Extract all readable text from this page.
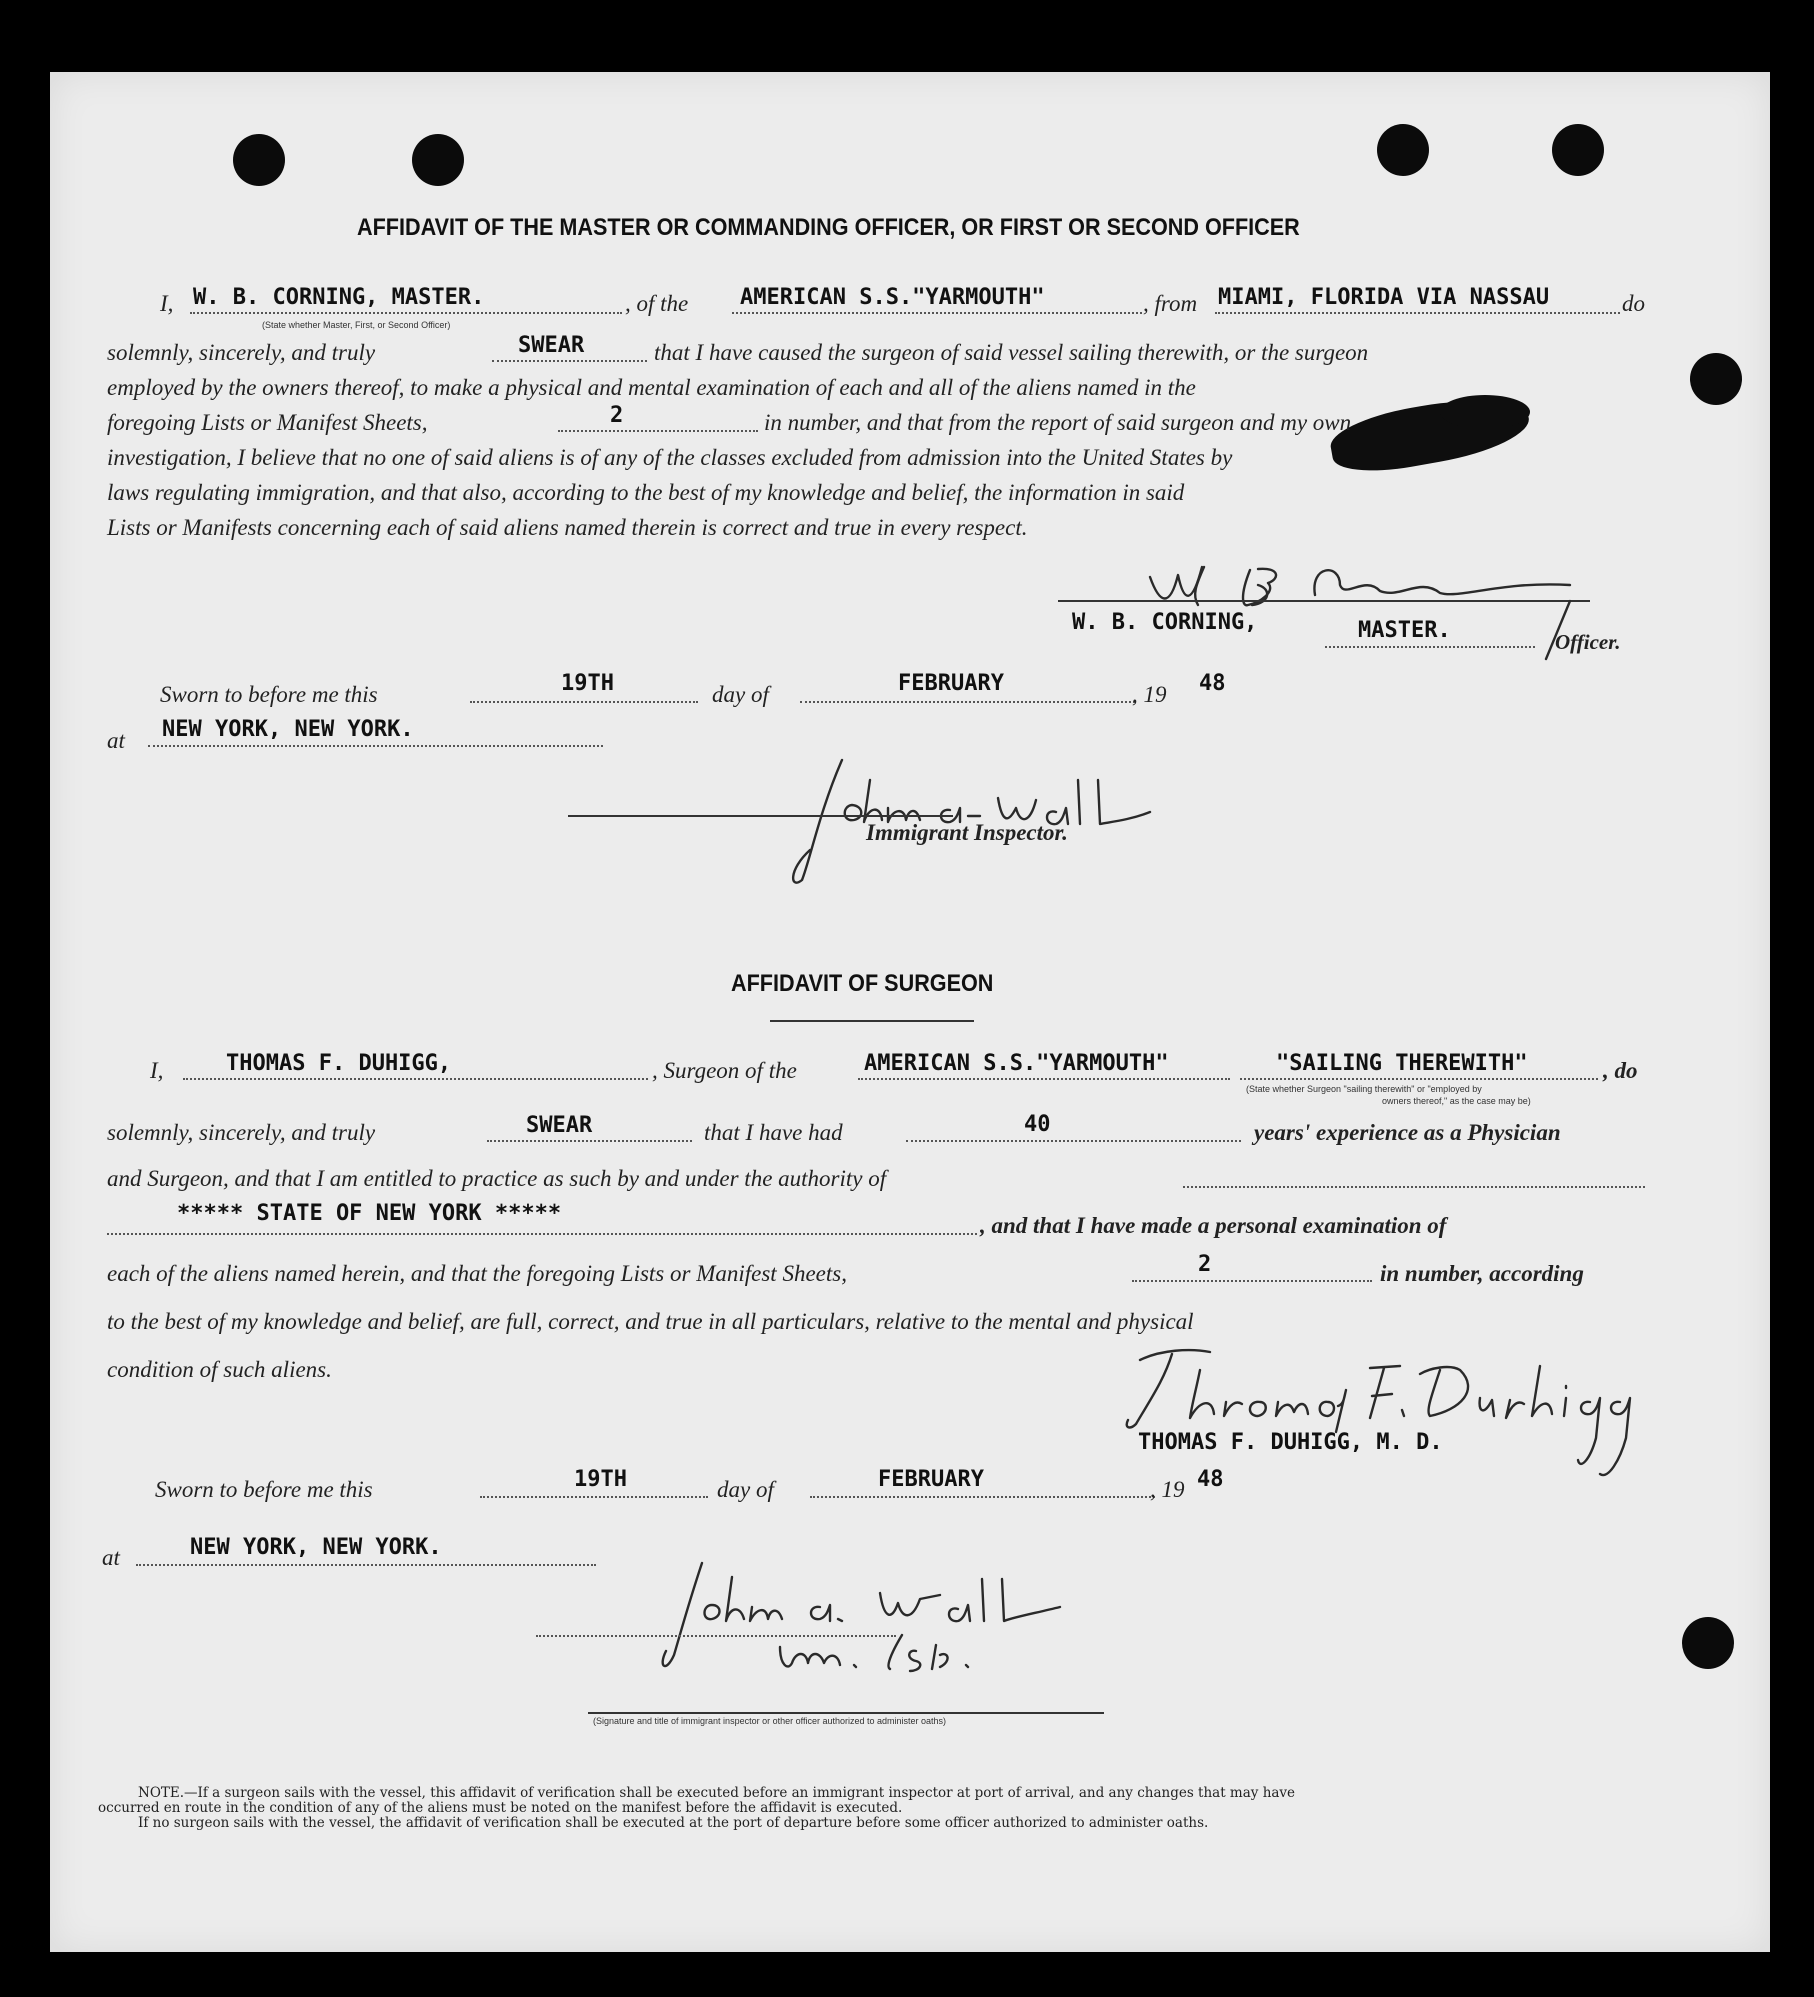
AFFIDAVIT OF THE MASTER OR COMMANDING OFFICER, OR FIRST OR SECOND OFFICER
I, W. B. CORNING, MASTER.
(State whether Master, First, or Second Officer)
, of the AMERICAN S.S."YARMOUTH"	, from MIAMI, FLORIDA VIA NASSAU	do
solemnly, sincerely, and truly	SWEAR	that I have caused the surgeon of said vessel sailing therewith, or the surgeon
employed by the owners thereof, to make a physical and mental examination of each and all of the aliens named in the
foregoing Lists or Manifest Sheets,	2	in number, and that from the report of said surgeon and my own
investigation, I believe that no one of said aliens is of any of the classes excluded from admission into the United States by
laws regulating immigration, and that also, according to the best of my knowledge and belief, the information in said
Lists or Manifests concerning each of said aliens named therein is correct and true in every respect.
W. B. CORNING,	MASTER.	Officer.
Sworn to before me this	19TH	day of	FEBRUARY	, 19 48
at NEW YORK, NEW YORK.
Immigrant Inspector.
AFFIDAVIT OF SURGEON
I,	THOMAS F. DUHIGG,	, Surgeon of the	AMERICAN S.S."YARMOUTH"	"SAILING THEREWITH"
(State whether Surgeon "sailing therewith" or "employed by
owners thereof," as the case may be)
, do
solemnly, sincerely, and truly	SWEAR	that I have had	40	years' experience as a Physician
and Surgeon, and that I am entitled to practice as such by and under the authority of
***** STATE OF NEW YORK *****	, and that I have made a personal examination of
each of the aliens named herein, and that the foregoing Lists or Manifest Sheets,	2	in number, according
to the best of my knowledge and belief, are full, correct, and true in all particulars, relative to the mental and physical
condition of such aliens.
THOMAS F. DUHIGG, M. D.
Sworn to before me this	19TH	day of	FEBRUARY	, 19 48
at	NEW YORK, NEW YORK.
(Signature and title of immigrant inspector or other officer authorized to administer oaths)
NOTE.—If a surgeon sails with the vessel, this affidavit of verification shall be executed before an immigrant inspector at port of arrival, and any changes that may have
occurred en route in the condition of any of the aliens must be noted on the manifest before the affidavit is executed.
If no surgeon sails with the vessel, the affidavit of verification shall be executed at the port of departure before some officer authorized to administer oaths.
